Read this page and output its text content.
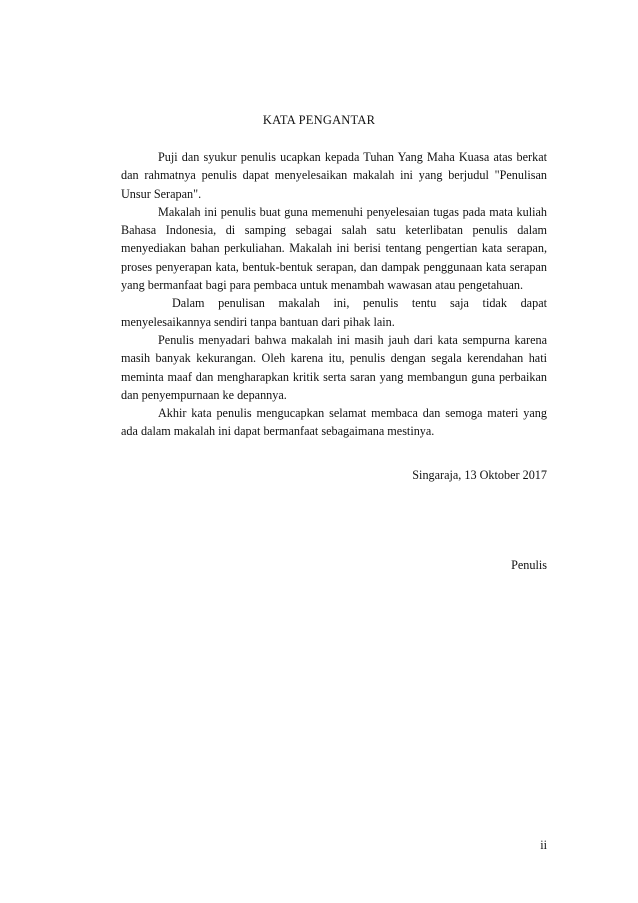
KATA PENGANTAR

Puji dan syukur penulis ucapkan kepada Tuhan Yang Maha Kuasa atas berkat dan rahmatnya penulis dapat menyelesaikan makalah ini yang berjudul "Penulisan Unsur Serapan".

Makalah ini penulis buat guna memenuhi penyelesaian tugas pada mata kuliah Bahasa Indonesia, di samping sebagai salah satu keterlibatan penulis dalam menyediakan bahan perkuliahan. Makalah ini berisi tentang pengertian kata serapan, proses penyerapan kata, bentuk-bentuk serapan, dan dampak penggunaan kata serapan yang bermanfaat bagi para pembaca untuk menambah wawasan atau pengetahuan.

Dalam penulisan makalah ini, penulis tentu saja tidak dapat menyelesaikannya sendiri tanpa bantuan dari pihak lain.

Penulis menyadari bahwa makalah ini masih jauh dari kata sempurna karena masih banyak kekurangan. Oleh karena itu, penulis dengan segala kerendahan hati meminta maaf dan mengharapkan kritik serta saran yang membangun guna perbaikan dan penyempurnaan ke depannya.

Akhir kata penulis mengucapkan selamat membaca dan semoga materi yang ada dalam makalah ini dapat bermanfaat sebagaimana mestinya.

Singaraja, 13 Oktober 2017
Penulis
ii
